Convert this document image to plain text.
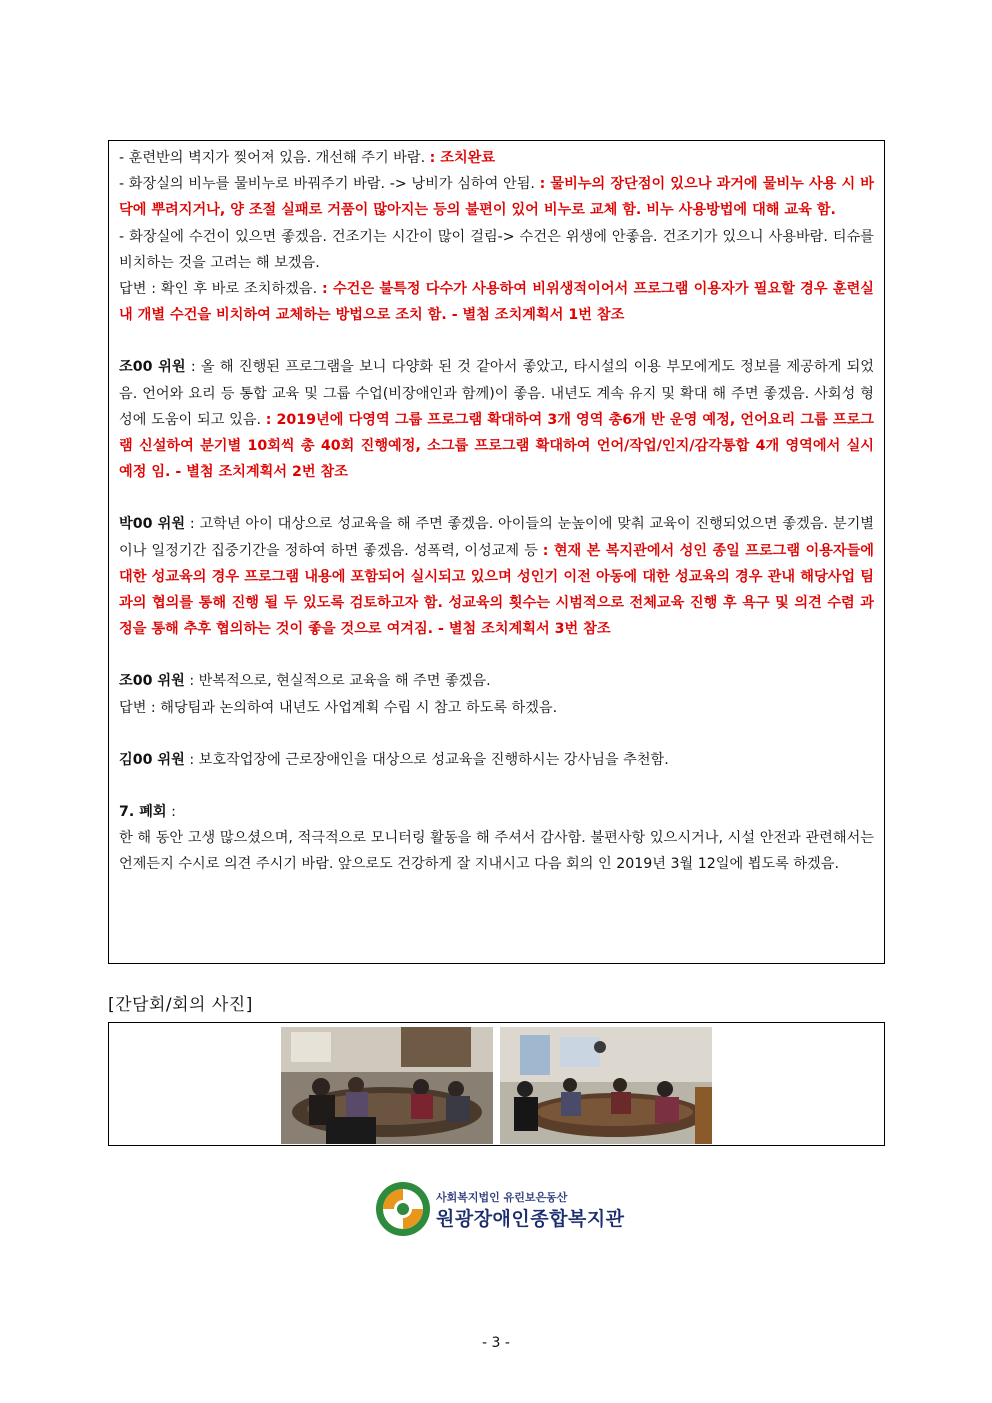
- 훈련반의 벽지가 찢어져 있음. 개선해 주기 바람. : 조치완료

- 화장실의 비누를 물비누로 바꿔주기 바람. -> 낭비가 심하여 안됨. : 물비누의 장단점이 있으나 과거에 물비누 사용 시 바닥에 뿌려지거나, 양 조절 실패로 거품이 많아지는 등의 불편이 있어 비누로 교체 함. 비누 사용방법에 대해 교육 함.

- 화장실에 수건이 있으면 좋겠음. 건조기는 시간이 많이 걸림-> 수건은 위생에 안좋음. 건조기가 있으니 사용바람. 티슈를 비치하는 것을 고려는 해 보겠음.

답변 : 확인 후 바로 조치하겠음. : 수건은 불특정 다수가 사용하여 비위생적이어서 프로그램 이용자가 필요할 경우 훈련실 내 개별 수건을 비치하여 교체하는 방법으로 조치 함. - 별첨 조치계획서 1번 참조

조00 위원 : 올 해 진행된 프로그램을 보니 다양화 된 것 같아서 좋았고, 타시설의 이용 부모에게도 정보를 제공하게 되었음. 언어와 요리 등 통합 교육 및 그룹 수업(비장애인과 함께)이 좋음. 내년도 계속 유지 및 확대 해 주면 좋겠음. 사회성 형성에 도움이 되고 있음. : 2019년에 다영역 그룹 프로그램 확대하여 3개 영역 총6개 반 운영 예정, 언어요리 그룹 프로그램 신설하여 분기별 10회씩 총 40회 진행예정, 소그룹 프로그램 확대하여 언어/작업/인지/감각통합 4개 영역에서 실시 예정 임. - 별첨 조치계획서 2번 참조

박00 위원 : 고학년 아이 대상으로 성교육을 해 주면 좋겠음. 아이들의 눈높이에 맞춰 교육이 진행되었으면 좋겠음. 분기별이나 일정기간 집중기간을 정하여 하면 좋겠음. 성폭력, 이성교제 등 : 현재 본 복지관에서 성인 종일 프로그램 이용자들에 대한 성교육의 경우 프로그램 내용에 포함되어 실시되고 있으며 성인기 이전 아동에 대한 성교육의 경우 관내 해당사업 팀과의 협의를 통해 진행 될 두 있도록 검토하고자 함. 성교육의 횟수는 시범적으로 전체교육 진행 후 욕구 및 의견 수렴 과정을 통해 추후 협의하는 것이 좋을 것으로 여겨짐. - 별첨 조치계획서 3번 참조

조00 위원 : 반복적으로, 현실적으로 교육을 해 주면 좋겠음.

답변 : 해당팀과 논의하여 내년도 사업계획 수립 시 참고 하도록 하겠음.

김00 위원 : 보호작업장에 근로장애인을 대상으로 성교육을 진행하시는 강사님을 추천함.

7. 폐회 :

한 해 동안 고생 많으셨으며, 적극적으로 모니터링 활동을 해 주셔서 감사함. 불편사항 있으시거나, 시설 안전과 관련해서는 언제든지 수시로 의견 주시기 바람. 앞으로도 건강하게 잘 지내시고 다음 회의 인 2019년 3월 12일에 뵙도록 하겠음.

[간담회/회의 사진]
사회복지법인 유린보은동산
원광장애인종합복지관
- 3 -
